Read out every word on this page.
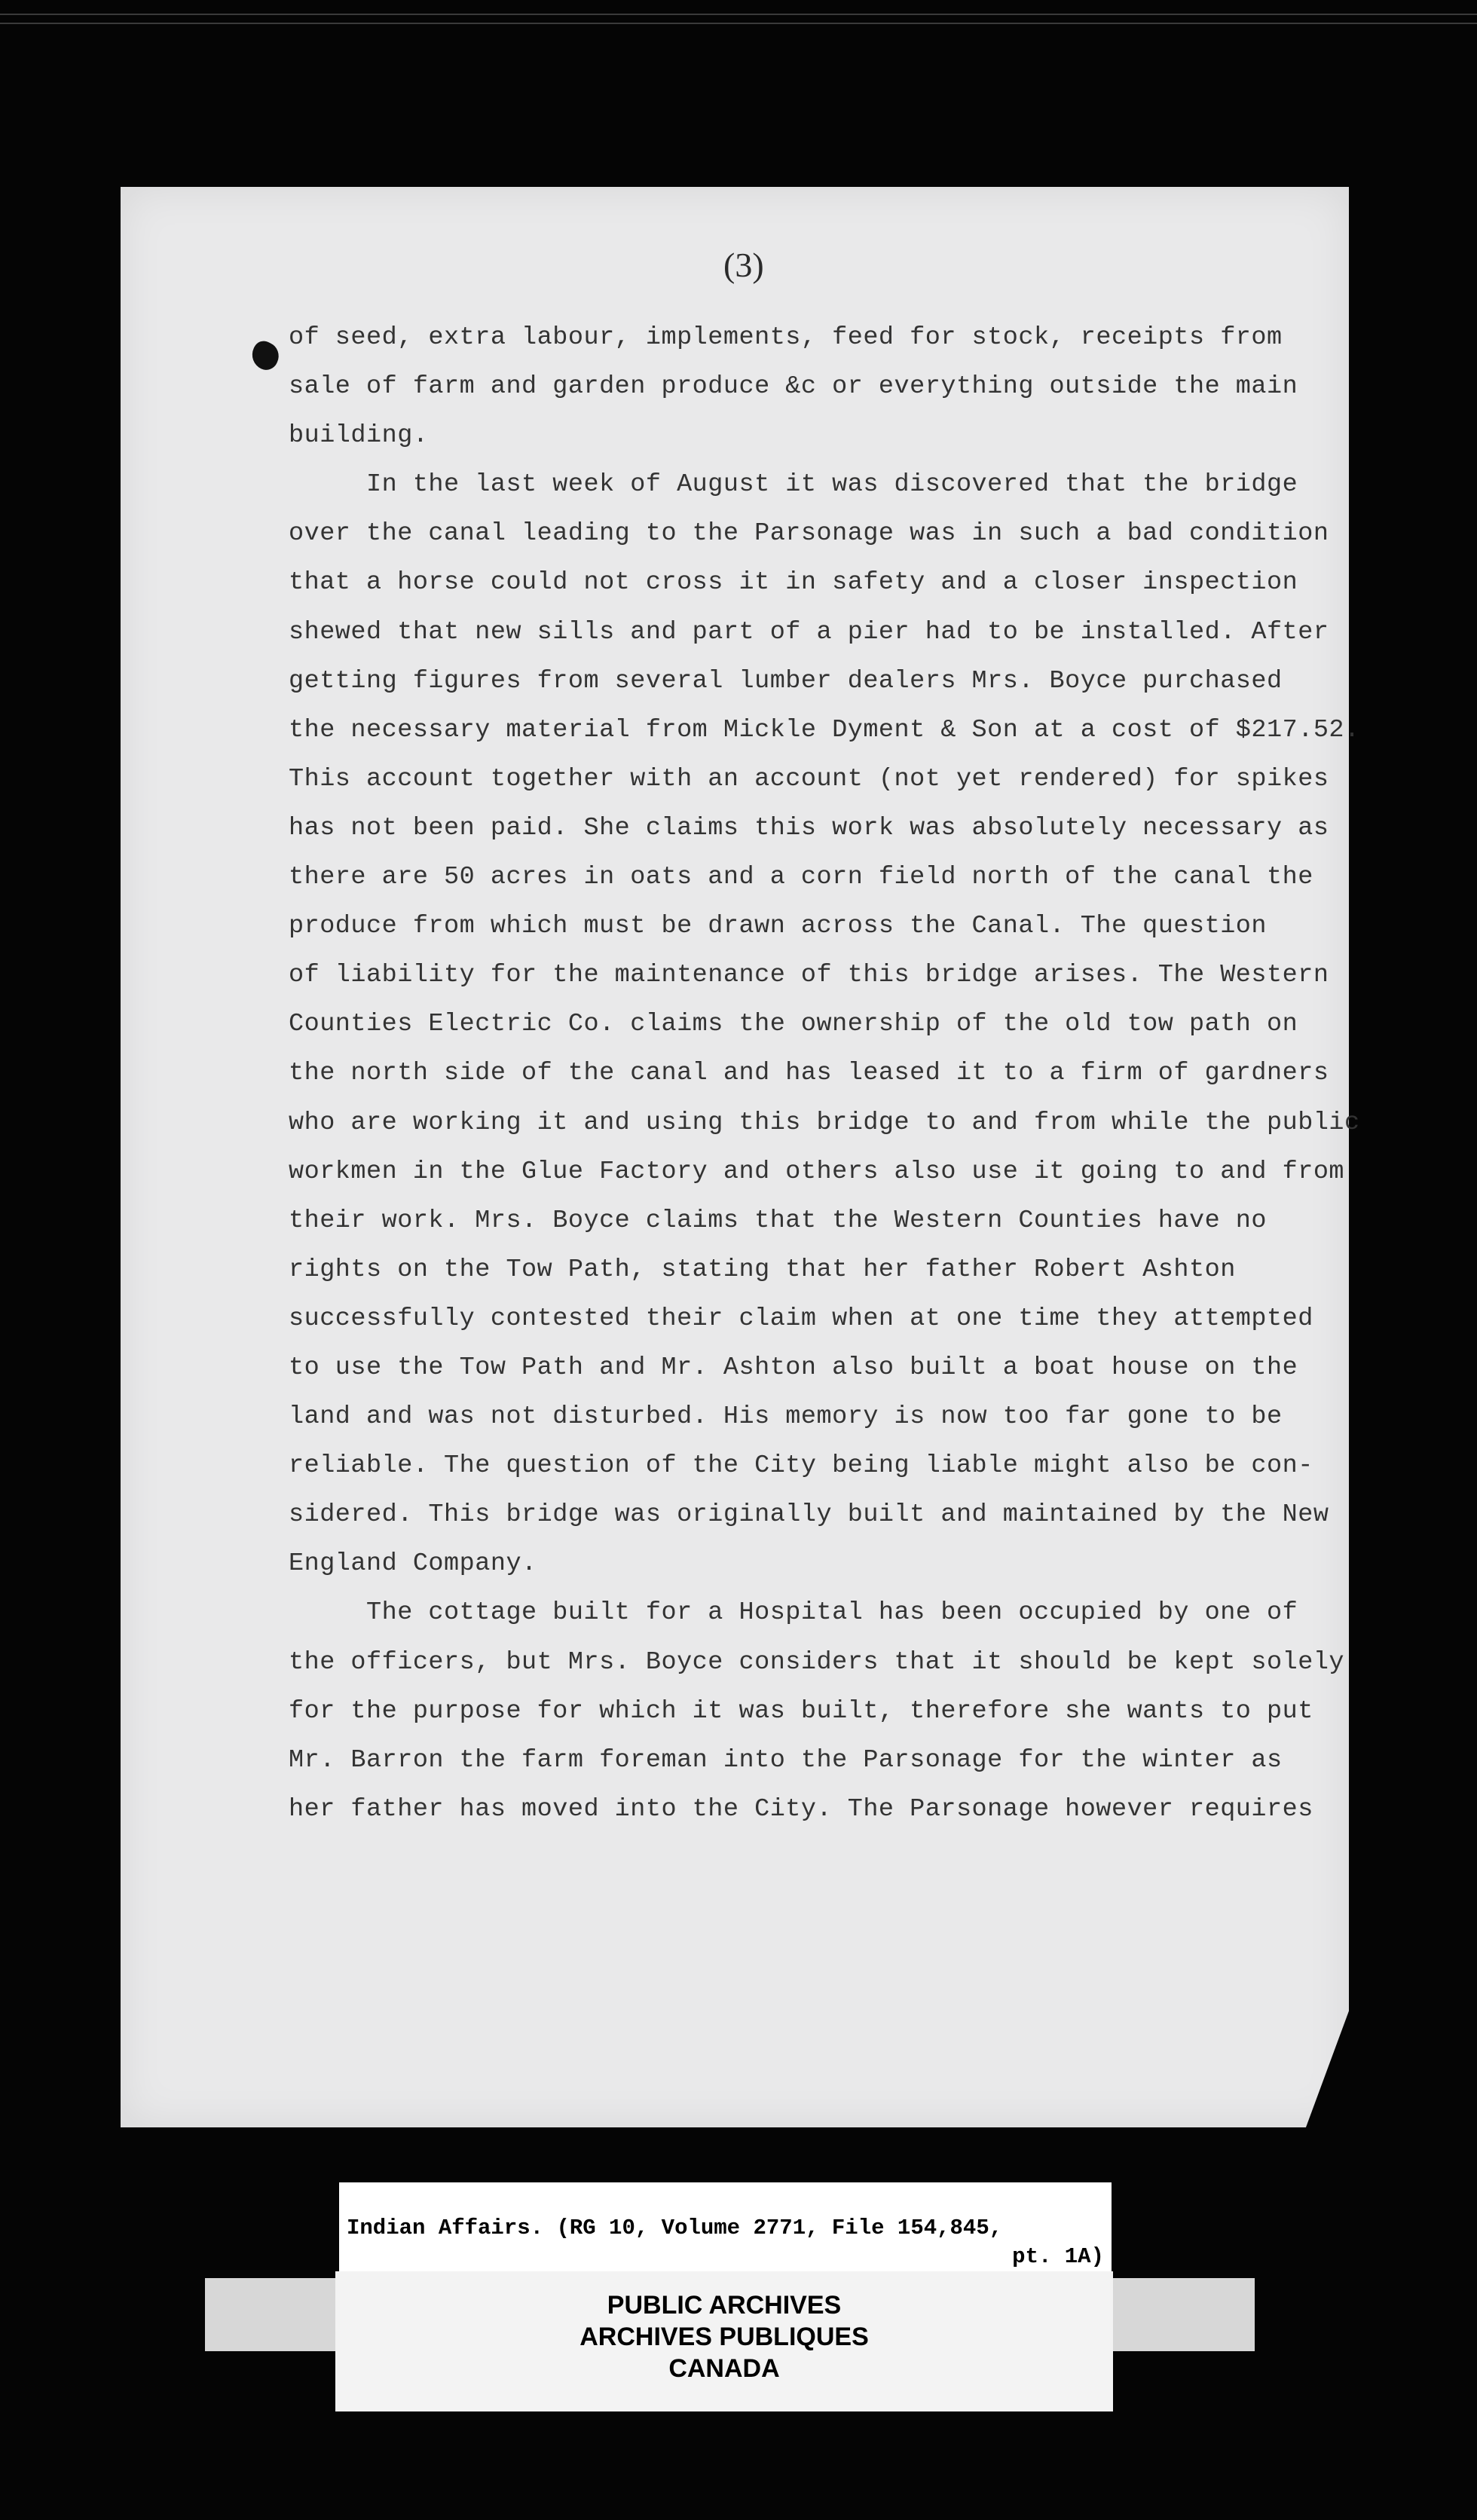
(3)
of seed, extra labour, implements, feed for stock, receipts from
sale of farm and garden produce &c or everything outside the main
building.
In the last week of August it was discovered that the bridge
over the canal leading to the Parsonage was in such a bad condition
that a horse could not cross it in safety and a closer inspection
shewed that new sills and part of a pier had to be installed. After
getting figures from several lumber dealers Mrs. Boyce purchased
the necessary material from Mickle Dyment & Son at a cost of $217.52.
This account together with an account (not yet rendered) for spikes
has not been paid. She claims this work was absolutely necessary as
there are 50 acres in oats and a corn field north of the canal the
produce from which must be drawn across the Canal. The question
of liability for the maintenance of this bridge arises. The Western
Counties Electric Co. claims the ownership of the old tow path on
the north side of the canal and has leased it to a firm of gardners
who are working it and using this bridge to and from while the public
workmen in the Glue Factory and others also use it going to and from
their work. Mrs. Boyce claims that the Western Counties have no
rights on the Tow Path, stating that her father Robert Ashton
successfully contested their claim when at one time they attempted
to use the Tow Path and Mr. Ashton also built a boat house on the
land and was not disturbed. His memory is now too far gone to be
reliable. The question of the City being liable might also be con-
sidered. This bridge was originally built and maintained by the New
England Company.
The cottage built for a Hospital has been occupied by one of
the officers, but Mrs. Boyce considers that it should be kept solely
for the purpose for which it was built, therefore she wants to put
Mr. Barron the farm foreman into the Parsonage for the winter as
her father has moved into the City. The Parsonage however requires
Indian Affairs. (RG 10, Volume 2771, File 154,845,
pt. 1A)
PUBLIC ARCHIVES
ARCHIVES PUBLIQUES
CANADA
